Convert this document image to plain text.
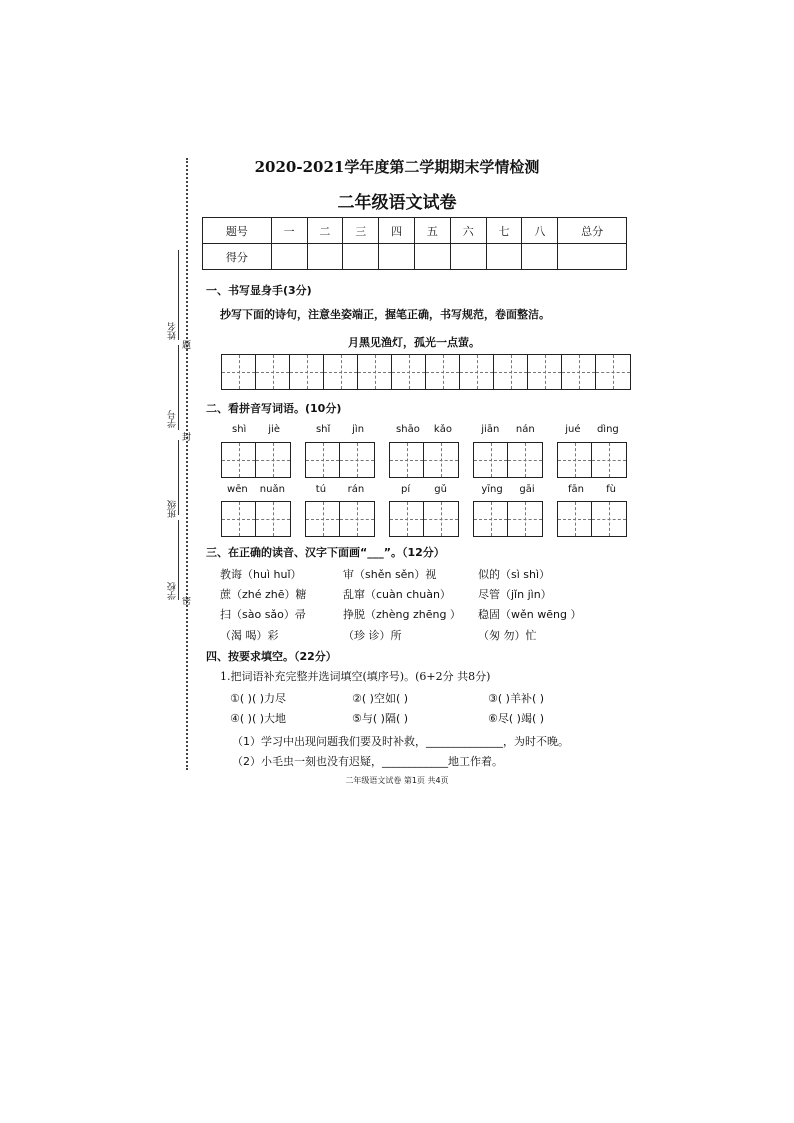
2020-2021学年度第二学期期末学情检测
二年级语文试卷
姓名
题
学号
封
班级
学校
密
题号	一	二	三	四	五	六	七	八	总分
得分									
一、书写显身手(3分)
抄写下面的诗句，注意坐姿端正，握笔正确，书写规范，卷面整洁。
月黑见渔灯，孤光一点萤。
二、看拼音写词语。(10分)
shì jiè	shǐ jìn	shāo kǎo	jiān nán	jué dìng
wēn nuǎn	tú rán	pí gǔ	yīng gāi	fān fù
三、在正确的读音、汉字下面画“___”。（12分）
教诲（huì huǐ）	审（shěn sěn）视	似的（sì shì）
蔗（zhé zhē）糖	乱窜（cuàn chuàn） 尽管（jǐn jìn）
扫（sào sǎo）帚	挣脱（zhèng zhēng ） 稳固（wěn wēng ）
（渴 喝）彩	（珍 诊）所	（匆 勿）忙
四、按要求填空。（22分）
1.把词语补充完整并选词填空(填序号)。(6+2分 共8分)
①( )( )力尽	②( )空如( )	③( )羊补( )
④( )( )大地	⑤与( )隔( )	⑥尽( )竭( )
（1）学习中出现问题我们要及时补救，______________，为时不晚。
（2）小毛虫一刻也没有迟疑，____________地工作着。
二年级语文试卷 第1页 共4页
